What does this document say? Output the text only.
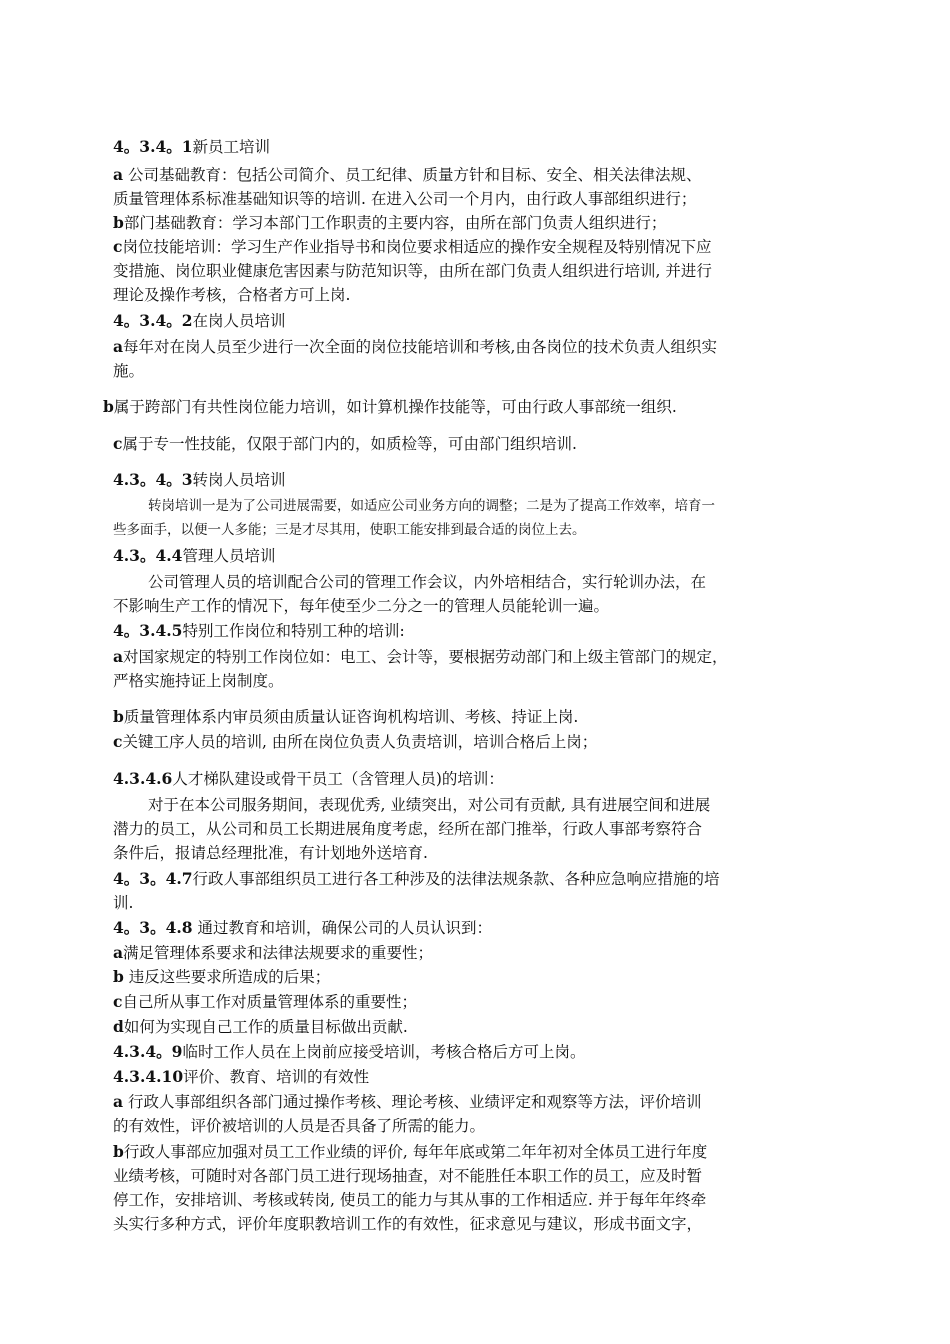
4。3.4。1新员工培训
a 公司基础教育：包括公司简介、员工纪律、质量方针和目标、安全、相关法律法规、
质量管理体系标准基础知识等的培训. 在进入公司一个月内，由行政人事部组织进行；
b部门基础教育：学习本部门工作职责的主要内容，由所在部门负责人组织进行；
c岗位技能培训：学习生产作业指导书和岗位要求相适应的操作安全规程及特别情况下应
变措施、岗位职业健康危害因素与防范知识等，由所在部门负责人组织进行培训, 并进行
理论及操作考核，合格者方可上岗.
4。3.4。2在岗人员培训
a每年对在岗人员至少进行一次全面的岗位技能培训和考核,由各岗位的技术负责人组织实
施。
b属于跨部门有共性岗位能力培训，如计算机操作技能等，可由行政人事部统一组织.
c属于专一性技能，仅限于部门内的，如质检等，可由部门组织培训.
4.3。4。3转岗人员培训
转岗培训一是为了公司进展需要，如适应公司业务方向的调整；二是为了提高工作效率，培育一
些多面手，以便一人多能；三是才尽其用，使职工能安排到最合适的岗位上去。
4.3。4.4管理人员培训
公司管理人员的培训配合公司的管理工作会议，内外培相结合，实行轮训办法，在
不影响生产工作的情况下，每年使至少二分之一的管理人员能轮训一遍。
4。3.4.5特别工作岗位和特别工种的培训:
a对国家规定的特别工作岗位如：电工、会计等，要根据劳动部门和上级主管部门的规定，
严格实施持证上岗制度。
b质量管理体系内审员须由质量认证咨询机构培训、考核、持证上岗.
c关键工序人员的培训, 由所在岗位负责人负责培训，培训合格后上岗；
4.3.4.6人才梯队建设或骨干员工（含管理人员)的培训：
对于在本公司服务期间，表现优秀, 业绩突出，对公司有贡献, 具有进展空间和进展
潜力的员工，从公司和员工长期进展角度考虑，经所在部门推举，行政人事部考察符合
条件后，报请总经理批准，有计划地外送培育.
4。3。4.7行政人事部组织员工进行各工种涉及的法律法规条款、各种应急响应措施的培
训.
4。3。4.8 通过教育和培训，确保公司的人员认识到：
a满足管理体系要求和法律法规要求的重要性；
b 违反这些要求所造成的后果；
c自己所从事工作对质量管理体系的重要性；
d如何为实现自己工作的质量目标做出贡献.
4.3.4。9临时工作人员在上岗前应接受培训，考核合格后方可上岗。
4.3.4.10评价、教育、培训的有效性
a 行政人事部组织各部门通过操作考核、理论考核、业绩评定和观察等方法，评价培训
的有效性，评价被培训的人员是否具备了所需的能力。
b行政人事部应加强对员工工作业绩的评价, 每年年底或第二年年初对全体员工进行年度
业绩考核，可随时对各部门员工进行现场抽查，对不能胜任本职工作的员工，应及时暂
停工作，安排培训、考核或转岗, 使员工的能力与其从事的工作相适应. 并于每年年终牵
头实行多种方式，评价年度职教培训工作的有效性，征求意见与建议，形成书面文字，
